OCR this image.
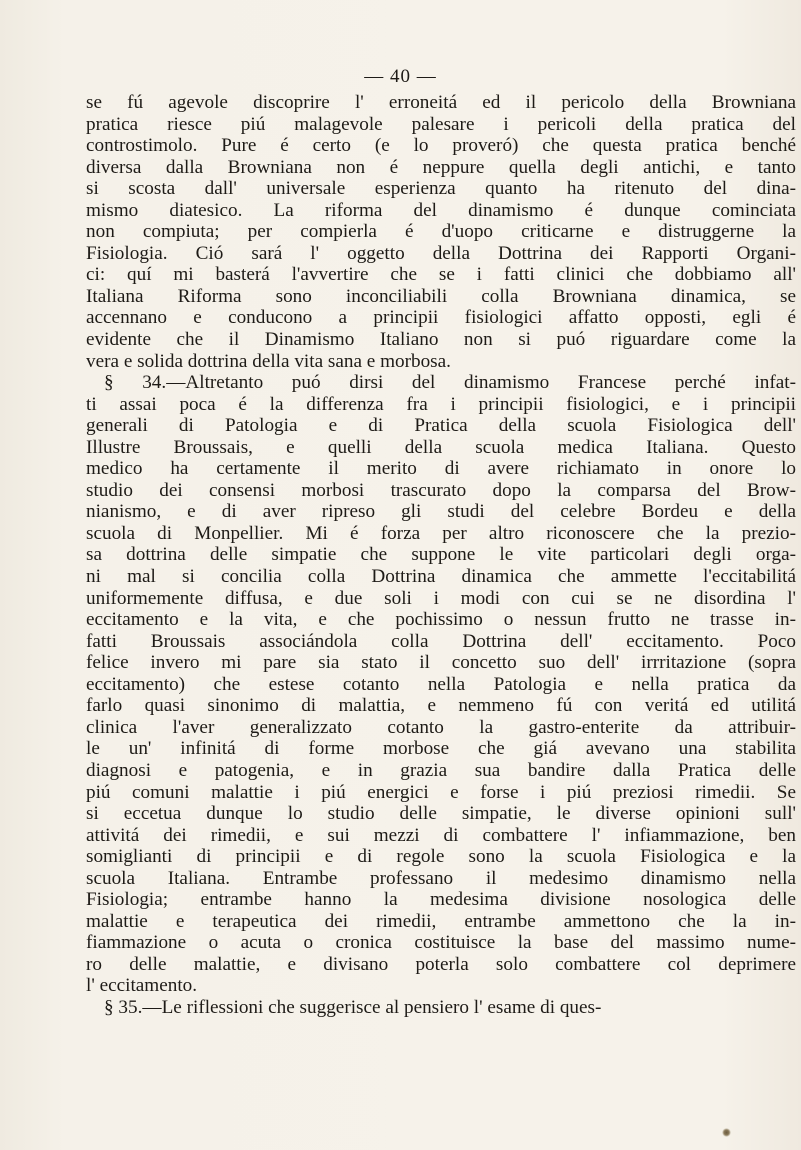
— 40 —
se fú agevole discoprire l' erroneitá ed il pericolo della Browniana
pratica riesce piú malagevole palesare i pericoli della pratica del
controstimolo. Pure é certo (e lo proveró) che questa pratica benché
diversa dalla Browniana non é neppure quella degli antichi, e tanto
si scosta dall' universale esperienza quanto ha ritenuto del dina-
mismo diatesico. La riforma del dinamismo é dunque cominciata
non compiuta; per compierla é d'uopo criticarne e distruggerne la
Fisiologia. Ció sará l' oggetto della Dottrina dei Rapporti Organi-
ci: quí mi basterá l'avvertire che se i fatti clinici che dobbiamo all'
Italiana Riforma sono inconciliabili colla Browniana dinamica, se
accennano e conducono a principii fisiologici affatto opposti, egli é
evidente che il Dinamismo Italiano non si puó riguardare come la
vera e solida dottrina della vita sana e morbosa.
§ 34.—Altretanto puó dirsi del dinamismo Francese perché infat-
ti assai poca é la differenza fra i principii fisiologici, e i principii
generali di Patologia e di Pratica della scuola Fisiologica dell'
Illustre Broussais, e quelli della scuola medica Italiana. Questo
medico ha certamente il merito di avere richiamato in onore lo
studio dei consensi morbosi trascurato dopo la comparsa del Brow-
nianismo, e di aver ripreso gli studi del celebre Bordeu e della
scuola di Monpellier. Mi é forza per altro riconoscere che la prezio-
sa dottrina delle simpatie che suppone le vite particolari degli orga-
ni mal si concilia colla Dottrina dinamica che ammette l'eccitabilitá
uniformemente diffusa, e due soli i modi con cui se ne disordina l'
eccitamento e la vita, e che pochissimo o nessun frutto ne trasse in-
fatti Broussais associándola colla Dottrina dell' eccitamento. Poco
felice invero mi pare sia stato il concetto suo dell' irrritazione (sopra
eccitamento) che estese cotanto nella Patologia e nella pratica da
farlo quasi sinonimo di malattia, e nemmeno fú con veritá ed utilitá
clinica l'aver generalizzato cotanto la gastro-enterite da attribuir-
le un' infinitá di forme morbose che giá avevano una stabilita
diagnosi e patogenia, e in grazia sua bandire dalla Pratica delle
piú comuni malattie i piú energici e forse i piú preziosi rimedii. Se
si eccetua dunque lo studio delle simpatie, le diverse opinioni sull'
attivitá dei rimedii, e sui mezzi di combattere l' infiammazione, ben
somiglianti di principii e di regole sono la scuola Fisiologica e la
scuola Italiana. Entrambe professano il medesimo dinamismo nella
Fisiologia; entrambe hanno la medesima divisione nosologica delle
malattie e terapeutica dei rimedii, entrambe ammettono che la in-
fiammazione o acuta o cronica costituisce la base del massimo nume-
ro delle malattie, e divisano poterla solo combattere col deprimere
l' eccitamento.
§ 35.—Le riflessioni che suggerisce al pensiero l' esame di ques-
